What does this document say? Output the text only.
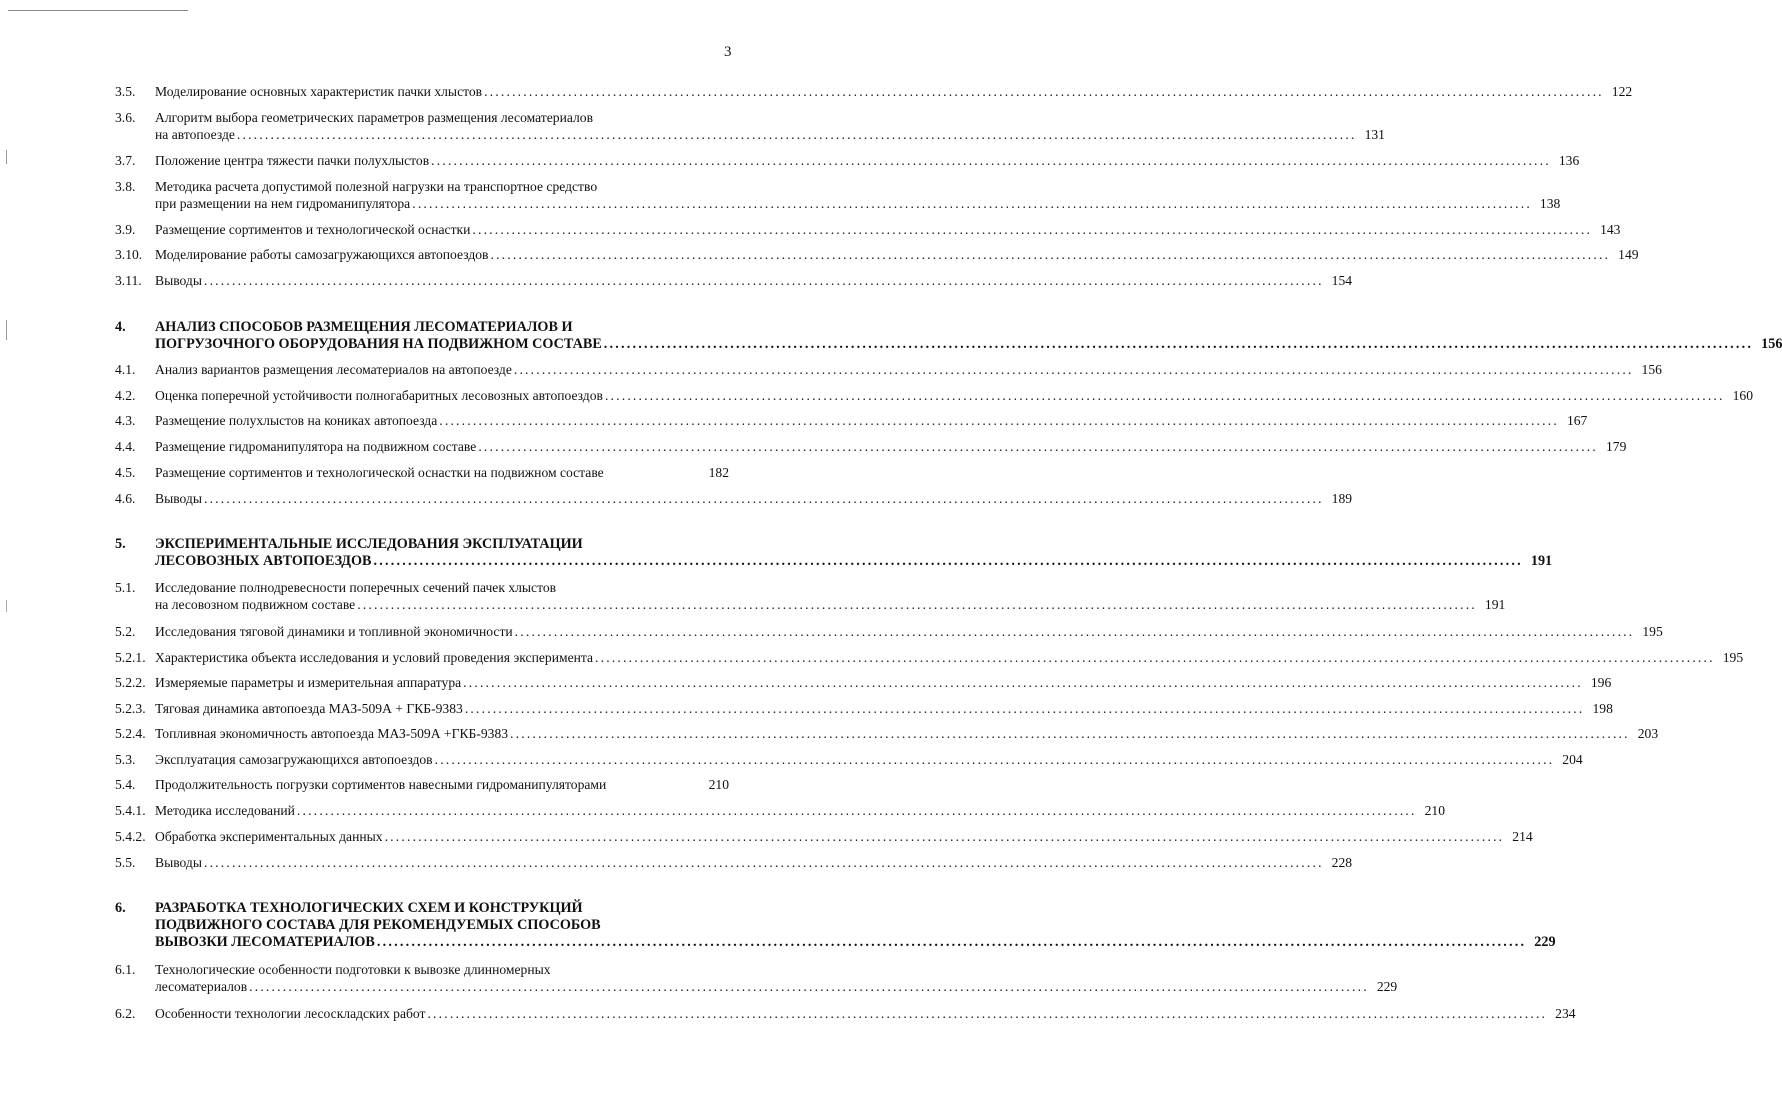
3
3.5. Моделирование основных характеристик пачки хлыстов ........................................................................................................................................................................................................ 122
3.6. Алгоритм выбора геометрических параметров размещения лесоматериалов
на автопоезде ........................................................................................................................................................................................................ 131
3.7. Положение центра тяжести пачки полухлыстов ........................................................................................................................................................................................................ 136
3.8. Методика расчета допустимой полезной нагрузки на транспортное средство
при размещении на нем гидроманипулятора ........................................................................................................................................................................................................ 138
3.9. Размещение сортиментов и технологической оснастки ........................................................................................................................................................................................................ 143
3.10. Моделирование работы самозагружающихся автопоездов ........................................................................................................................................................................................................ 149
3.11. Выводы ........................................................................................................................................................................................................ 154
4. АНАЛИЗ СПОСОБОВ РАЗМЕЩЕНИЯ ЛЕСОМАТЕРИАЛОВ И
ПОГРУЗОЧНОГО ОБОРУДОВАНИЯ НА ПОДВИЖНОМ СОСТАВЕ ........................................................................................................................................................................................................ 156
4.1. Анализ вариантов размещения лесоматериалов на автопоезде ........................................................................................................................................................................................................ 156
4.2. Оценка поперечной устойчивости полногабаритных лесовозных автопоездов ........................................................................................................................................................................................................ 160
4.3. Размещение полухлыстов на кониках автопоезда ........................................................................................................................................................................................................ 167
4.4. Размещение гидроманипулятора на подвижном составе ........................................................................................................................................................................................................ 179
4.5. Размещение сортиментов и технологической оснастки на подвижном составе	182
4.6. Выводы ........................................................................................................................................................................................................ 189
5. ЭКСПЕРИМЕНТАЛЬНЫЕ ИССЛЕДОВАНИЯ ЭКСПЛУАТАЦИИ
ЛЕСОВОЗНЫХ АВТОПОЕЗДОВ ........................................................................................................................................................................................................ 191
5.1. Исследование полнодревесности поперечных сечений пачек хлыстов
на лесовозном подвижном составе ........................................................................................................................................................................................................ 191
5.2. Исследования тяговой динамики и топливной экономичности ........................................................................................................................................................................................................ 195
5.2.1. Характеристика объекта исследования и условий проведения эксперимента ........................................................................................................................................................................................................ 195
5.2.2. Измеряемые параметры и измерительная аппаратура ........................................................................................................................................................................................................ 196
5.2.3. Тяговая динамика автопоезда МАЗ-509А + ГКБ-9383 ........................................................................................................................................................................................................ 198
5.2.4. Топливная экономичность автопоезда МАЗ-509А +ГКБ-9383 ........................................................................................................................................................................................................ 203
5.3. Эксплуатация самозагружающихся автопоездов ........................................................................................................................................................................................................ 204
5.4. Продолжительность погрузки сортиментов навесными гидроманипуляторами	210
5.4.1. Методика исследований ........................................................................................................................................................................................................ 210
5.4.2. Обработка экспериментальных данных ........................................................................................................................................................................................................ 214
5.5. Выводы ........................................................................................................................................................................................................ 228
6. РАЗРАБОТКА ТЕХНОЛОГИЧЕСКИХ СХЕМ И КОНСТРУКЦИЙ
ПОДВИЖНОГО СОСТАВА ДЛЯ РЕКОМЕНДУЕМЫХ СПОСОБОВ
ВЫВОЗКИ ЛЕСОМАТЕРИАЛОВ ........................................................................................................................................................................................................ 229
6.1. Технологические особенности подготовки к вывозке длинномерных
лесоматериалов ........................................................................................................................................................................................................ 229
6.2. Особенности технологии лесоскладских работ ........................................................................................................................................................................................................ 234
